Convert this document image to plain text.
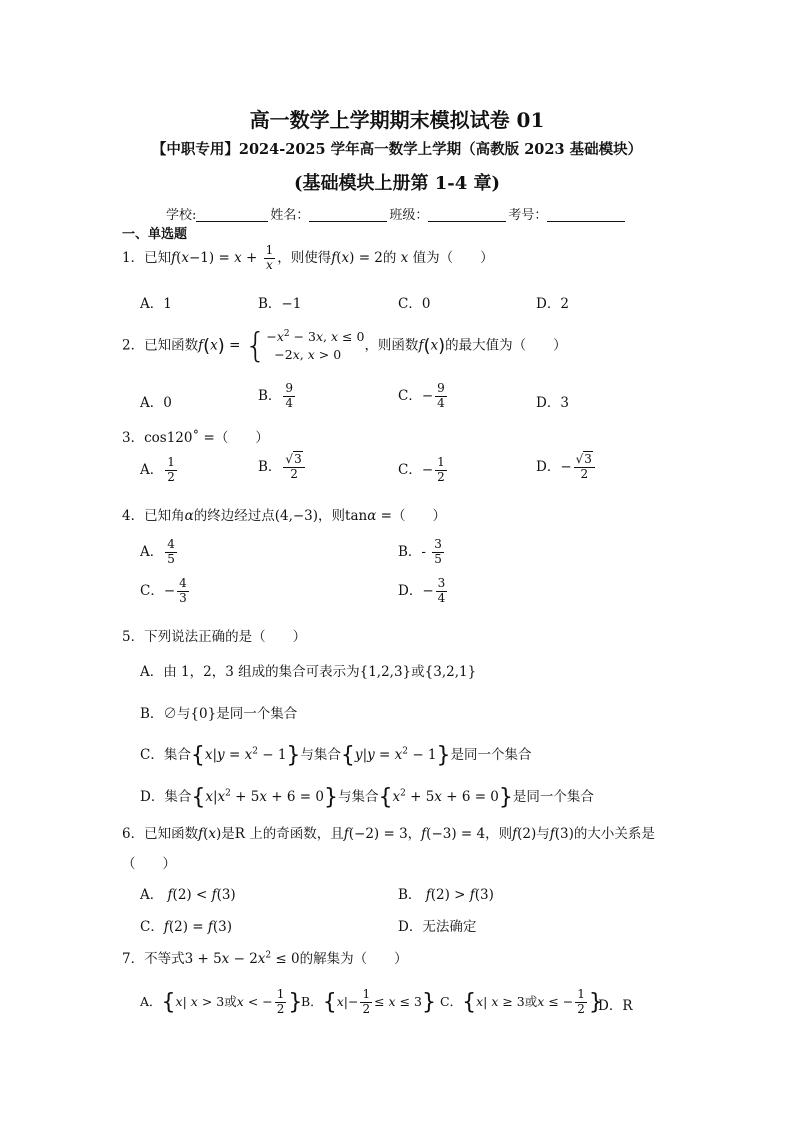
高一数学上学期期末模拟试卷 01
【中职专用】2024-2025 学年高一数学上学期（高教版 2023 基础模块）
(基础模块上册第 1-4 章)
学校:	姓名：	班级：	考号：
一、单选题
1．已知$f(x-1) = x + \frac{1}{x}$ ，则使得f(x) = 2的 x 值为（　　）
A．1	B．−1	C．0	D．2
2．已知函数f(x) = { $-x^2 - 3x$, x ≤ 0
−2x, x > 0
，则函数f(x)的最大值为（　　）
A．0	B． $\frac{9}{4}$	C．− $\frac{9}{4}$	D．3
3．cos120˚ =（　　）
A． $\frac{1}{2}$	B． $\frac{√3}{2}$	C．− $\frac{1}{2}$	D．− $\frac{√3}{2}$
4．已知角α的终边经过点(4,−3)，则tanα =（　　）
A． $\frac{4}{5}$	B．- $\frac{3}{5}$
C．− $\frac{4}{3}$	D．− $\frac{3}{4}$
5．下列说法正确的是（　　）
A．由 1，2，3 组成的集合可表示为{1,2,3}或{3,2,1}
B．∅与{0}是同一个集合
C．集合$\{x|y = x^2 - 1\}$与集合$\{y|y = x^2 - 1\}$是同一个集合
D．集合$\{x|x^2 + 5x + 6 = 0\}$与集合$\{x^2 + 5x + 6 = 0\}$是同一个集合
6．已知函数f(x)是R 上的奇函数，且f(−2) = 3，f(−3) = 4，则f(2)与f(3)的大小关系是
（　　）
A． f(2) < f(3)	B． f(2) > f(3)
C．f(2) = f(3)	D．无法确定
7．不等式$3 + 5x - 2x^2 \le 0$的解集为（　　）
A．{x| x > 3或x < − $\frac{1}{2}$ }
B．$\{x|- \frac{1}{2} \le x \le 3\}$ C．{x| x ≥ 3或x ≤ − $\frac{1}{2}$ }
D．R
